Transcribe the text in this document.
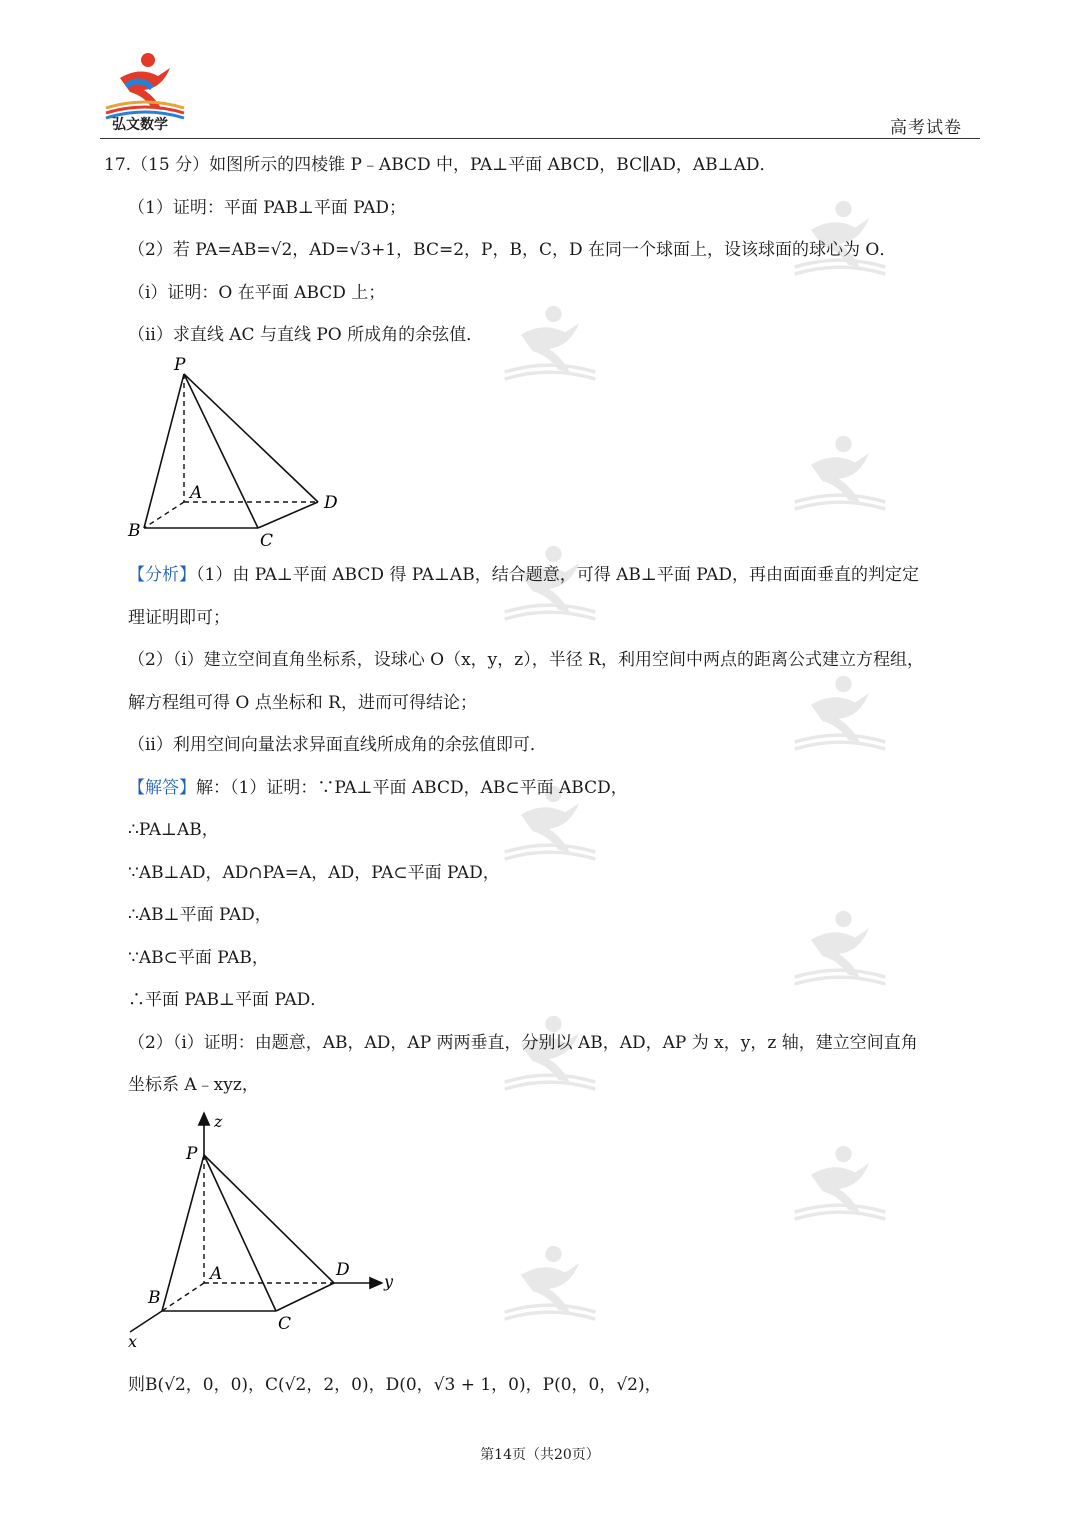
弘文数学	高考试卷
17.（15 分）如图所示的四棱锥 P﹣ABCD 中，PA⊥平面 ABCD，BC∥AD，AB⊥AD．
（1）证明：平面 PAB⊥平面 PAD；
（2）若 PA=AB=√2，AD=√3+1，BC=2，P，B，C，D 在同一个球面上，设该球面的球心为 O．
（i）证明：O 在平面 ABCD 上；
（ii）求直线 AC 与直线 PO 所成角的余弦值．
P
A
B	C
D
【分析】（1）由 PA⊥平面 ABCD 得 PA⊥AB，结合题意，可得 AB⊥平面 PAD，再由面面垂直的判定定
理证明即可；
（2）（i）建立空间直角坐标系，设球心 O（x，y，z），半径 R，利用空间中两点的距离公式建立方程组，
解方程组可得 O 点坐标和 R，进而可得结论；
（ii）利用空间向量法求异面直线所成角的余弦值即可．
【解答】解：（1）证明：∵PA⊥平面 ABCD，AB⊂平面 ABCD，
∴PA⊥AB，
∵AB⊥AD，AD∩PA=A，AD，PA⊂平面 PAD，
∴AB⊥平面 PAD，
∵AB⊂平面 PAB，
∴平面 PAB⊥平面 PAD．
（2）（i）证明：由题意，AB，AD，AP 两两垂直，分别以 AB，AD，AP 为 x，y，z 轴，建立空间直角
坐标系 A﹣xyz，
z
y
x
P
A
B
C
D
则B(√2，0，0)，C(√2，2，0)，D(0，√3 + 1，0)，P(0，0，√2)，
第14页（共20页）
